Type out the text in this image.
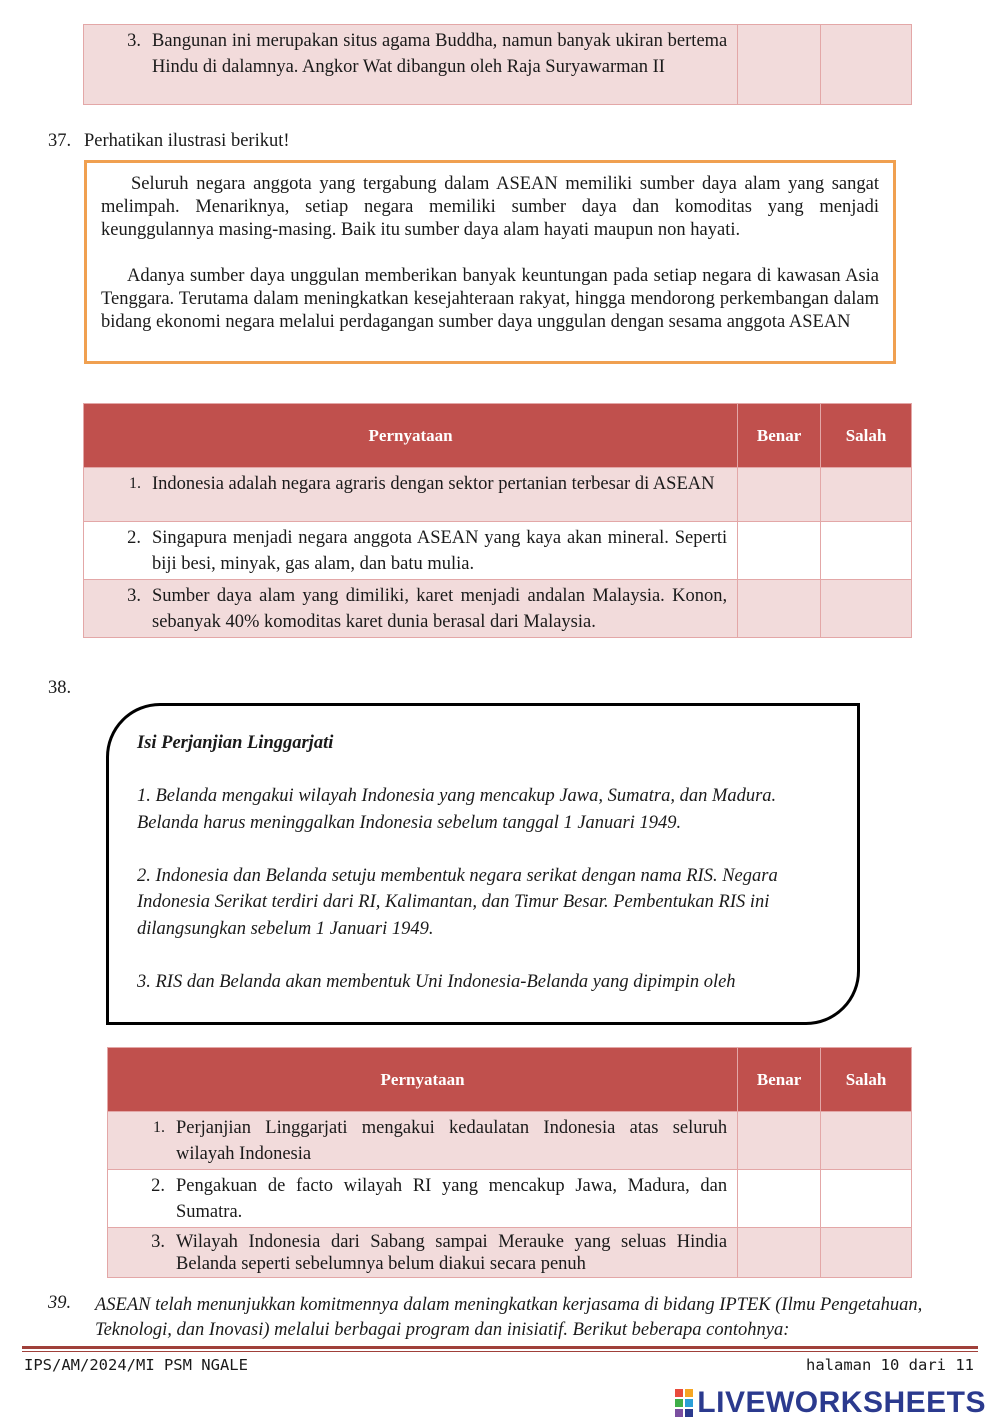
3. Bangunan ini merupakan situs agama Buddha, namun banyak ukiran bertema Hindu di dalamnya. Angkor Wat dibangun oleh Raja Suryawarman II

37. Perhatikan ilustrasi berikut!

Seluruh negara anggota yang tergabung dalam ASEAN memiliki sumber daya alam yang sangat melimpah. Menariknya, setiap negara memiliki sumber daya dan komoditas yang menjadi keunggulannya masing-masing. Baik itu sumber daya alam hayati maupun non hayati.

Adanya sumber daya unggulan memberikan banyak keuntungan pada setiap negara di kawasan Asia Tenggara. Terutama dalam meningkatkan kesejahteraan rakyat, hingga mendorong perkembangan dalam bidang ekonomi negara melalui perdagangan sumber daya unggulan dengan sesama anggota ASEAN

Pernyataan	Benar	Salah

1. Indonesia adalah negara agraris dengan sektor pertanian terbesar di ASEAN		

2. Singapura menjadi negara anggota ASEAN yang kaya akan mineral. Seperti biji besi, minyak, gas alam, dan batu mulia.		

3. Sumber daya alam yang dimiliki, karet menjadi andalan Malaysia. Konon, sebanyak 40% komoditas karet dunia berasal dari Malaysia.		

38.

Isi Perjanjian Linggarjati

1. Belanda mengakui wilayah Indonesia yang mencakup Jawa, Sumatra, dan Madura. Belanda harus meninggalkan Indonesia sebelum tanggal 1 Januari 1949.

2. Indonesia dan Belanda setuju membentuk negara serikat dengan nama RIS. Negara Indonesia Serikat terdiri dari RI, Kalimantan, dan Timur Besar. Pembentukan RIS ini dilangsungkan sebelum 1 Januari 1949.

3. RIS dan Belanda akan membentuk Uni Indonesia-Belanda yang dipimpin oleh

Pernyataan	Benar	Salah

1. Perjanjian Linggarjati mengakui kedaulatan Indonesia atas seluruh wilayah Indonesia		

2. Pengakuan de facto wilayah RI yang mencakup Jawa, Madura, dan Sumatra.		

3. Wilayah Indonesia dari Sabang sampai Merauke yang seluas Hindia Belanda seperti sebelumnya belum diakui secara penuh		

39. ASEAN telah menunjukkan komitmennya dalam meningkatkan kerjasama di bidang IPTEK (Ilmu Pengetahuan, Teknologi, dan Inovasi) melalui berbagai program dan inisiatif. Berikut beberapa contohnya:
IPS/AM/2024/MI PSM NGALE	halaman 10 dari 11
LIVEWORKSHEETS
